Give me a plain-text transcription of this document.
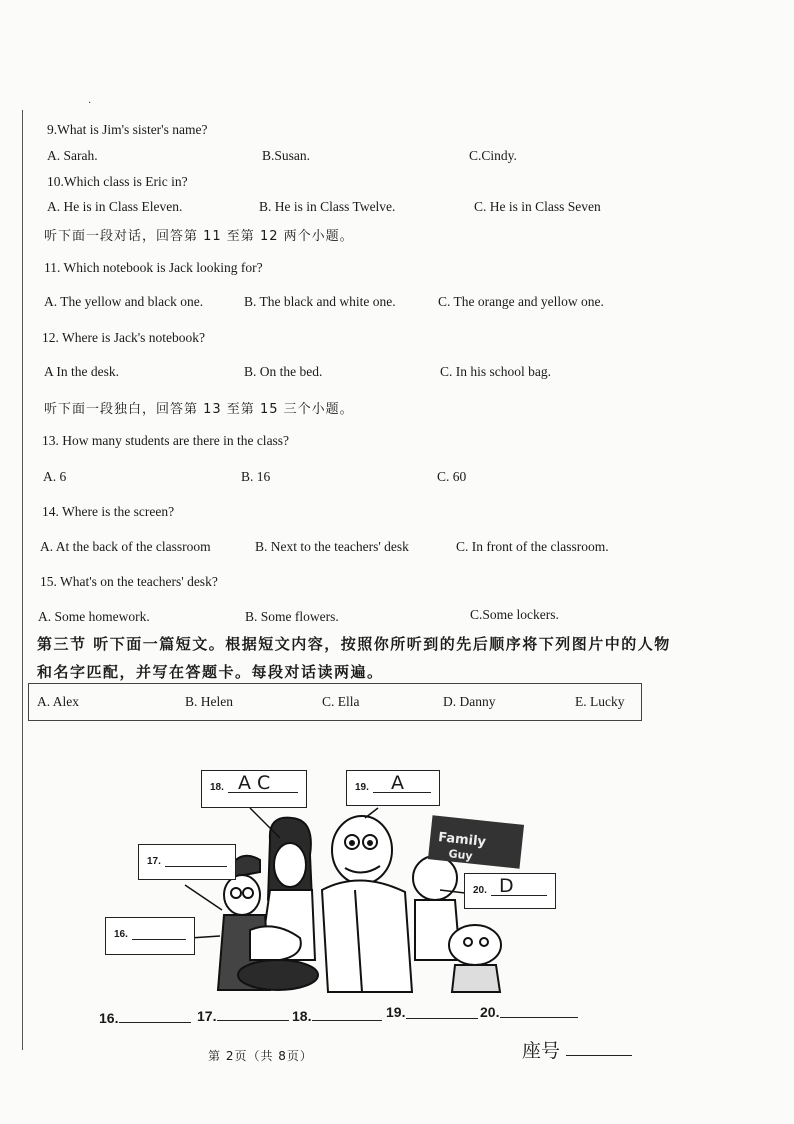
·
9.What is Jim's sister's name?
A. Sarah.	B.Susan.	C.Cindy.
10.Which class is Eric in?
A. He is in Class Eleven.	B. He is in Class Twelve.	C. He is in Class Seven
听下面一段对话，回答第 11 至第 12 两个小题。
11. Which notebook is Jack looking for?
A. The yellow and black one.	B. The black and white one.	C. The orange and yellow one.
12. Where is Jack's notebook?
A In the desk.	B. On the bed.	C. In his school bag.
听下面一段独白，回答第 13 至第 15 三个小题。
13. How many students are there in the class?
A. 6	B. 16	C. 60
14. Where is the screen?
A. At the back of the classroom	B. Next to the teachers' desk	C. In front of the classroom.
15. What's on the teachers' desk?
A. Some homework.	B. Some flowers.	C.Some lockers.
第三节 听下面一篇短文。根据短文内容，按照你所听到的先后顺序将下列图片中的人物
和名字匹配，并写在答题卡。每段对话读两遍。
A. Alex	B. Helen	C. Ella	D. Danny	E. Lucky
Family
Guy
18. A C	19. A
17.
20. D
16.
16.	17.	18.	19.	20.
第 2页（共 8页）	座号
